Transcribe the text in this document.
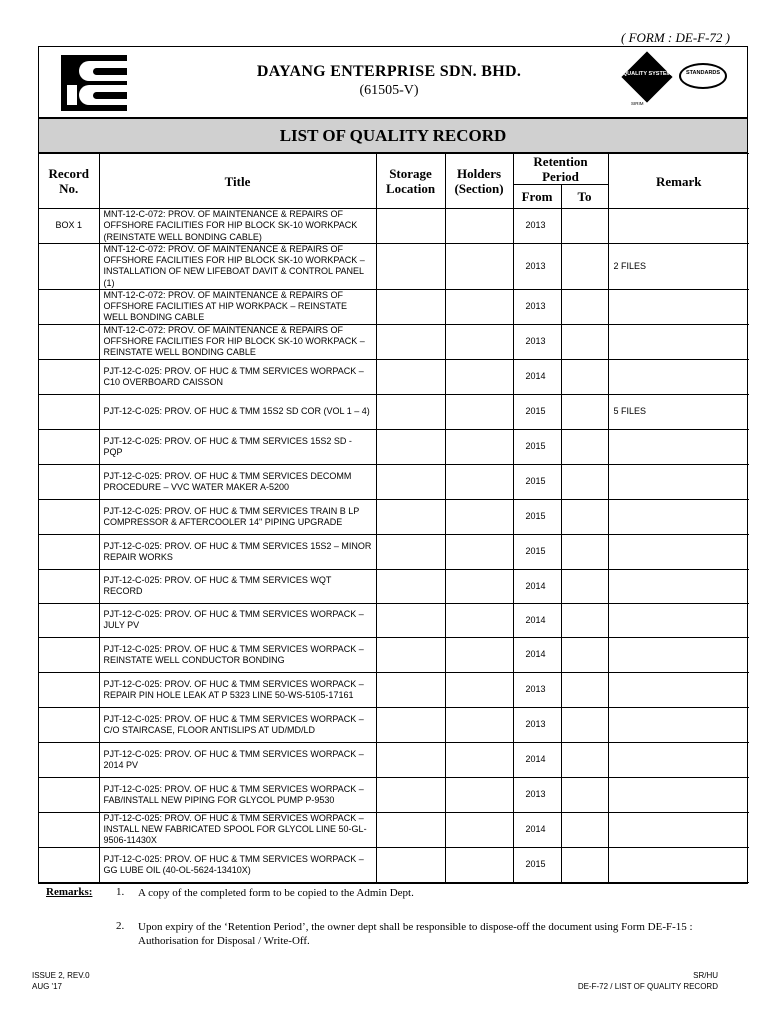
( FORM : DE-F-72 )
DAYANG ENTERPRISE SDN. BHD.
(61505-V)
QUALITY SYSTEM	STANDARDS
SIRIM
LIST OF QUALITY RECORD
Record No.	Title	Storage Location	Holders (Section)	Retention Period		Remark
				From	To	
BOX 1	MNT-12-C-072: PROV. OF MAINTENANCE & REPAIRS OF OFFSHORE FACILITIES FOR HIP BLOCK SK-10 WORKPACK (REINSTATE WELL BONDING CABLE)			2013		
	MNT-12-C-072: PROV. OF MAINTENANCE & REPAIRS OF OFFSHORE FACILITIES FOR HIP BLOCK SK-10 WORKPACK – INSTALLATION OF NEW LIFEBOAT DAVIT & CONTROL PANEL (1)			2013		2 FILES
	MNT-12-C-072: PROV. OF MAINTENANCE & REPAIRS OF OFFSHORE FACILITIES AT HIP WORKPACK – REINSTATE WELL BONDING CABLE			2013		
	MNT-12-C-072: PROV. OF MAINTENANCE & REPAIRS OF OFFSHORE FACILITIES FOR HIP BLOCK SK-10 WORKPACK – REINSTATE WELL BONDING CABLE			2013		
	PJT-12-C-025: PROV. OF HUC & TMM SERVICES WORPACK – C10 OVERBOARD CAISSON			2014		
	PJT-12-C-025: PROV. OF HUC & TMM 15S2 SD COR (VOL 1 – 4)			2015		5 FILES
	PJT-12-C-025: PROV. OF HUC & TMM SERVICES 15S2 SD - PQP			2015		
	PJT-12-C-025: PROV. OF HUC & TMM SERVICES DECOMM PROCEDURE – VVC WATER MAKER A-5200			2015		
	PJT-12-C-025: PROV. OF HUC & TMM SERVICES TRAIN B LP COMPRESSOR & AFTERCOOLER 14" PIPING UPGRADE			2015		
	PJT-12-C-025: PROV. OF HUC & TMM SERVICES 15S2 – MINOR REPAIR WORKS			2015		
	PJT-12-C-025: PROV. OF HUC & TMM SERVICES WQT RECORD			2014		
	PJT-12-C-025: PROV. OF HUC & TMM SERVICES WORPACK – JULY PV			2014		
	PJT-12-C-025: PROV. OF HUC & TMM SERVICES WORPACK – REINSTATE WELL CONDUCTOR BONDING			2014		
	PJT-12-C-025: PROV. OF HUC & TMM SERVICES WORPACK – REPAIR PIN HOLE LEAK AT P 5323 LINE 50-WS-5105-17161			2013		
	PJT-12-C-025: PROV. OF HUC & TMM SERVICES WORPACK –C/O STAIRCASE, FLOOR ANTISLIPS AT UD/MD/LD			2013		
	PJT-12-C-025: PROV. OF HUC & TMM SERVICES WORPACK – 2014 PV			2014		
	PJT-12-C-025: PROV. OF HUC & TMM SERVICES WORPACK –FAB/INSTALL NEW PIPING FOR GLYCOL PUMP P-9530			2013		
	PJT-12-C-025: PROV. OF HUC & TMM SERVICES WORPACK – INSTALL NEW FABRICATED SPOOL FOR GLYCOL LINE 50-GL-9506-11430X			2014		
	PJT-12-C-025: PROV. OF HUC & TMM SERVICES WORPACK –GG LUBE OIL (40-OL-5624-13410X)			2015		
Remarks: 1. A copy of the completed form to be copied to the Admin Dept.
2. Upon expiry of the ‘Retention Period’, the owner dept shall be responsible to dispose-off the document using Form DE-F-15 : Authorisation for Disposal / Write-Off.
ISSUE 2, REV.0
AUG '17
SR/HU
DE-F-72 / LIST OF QUALITY RECORD
